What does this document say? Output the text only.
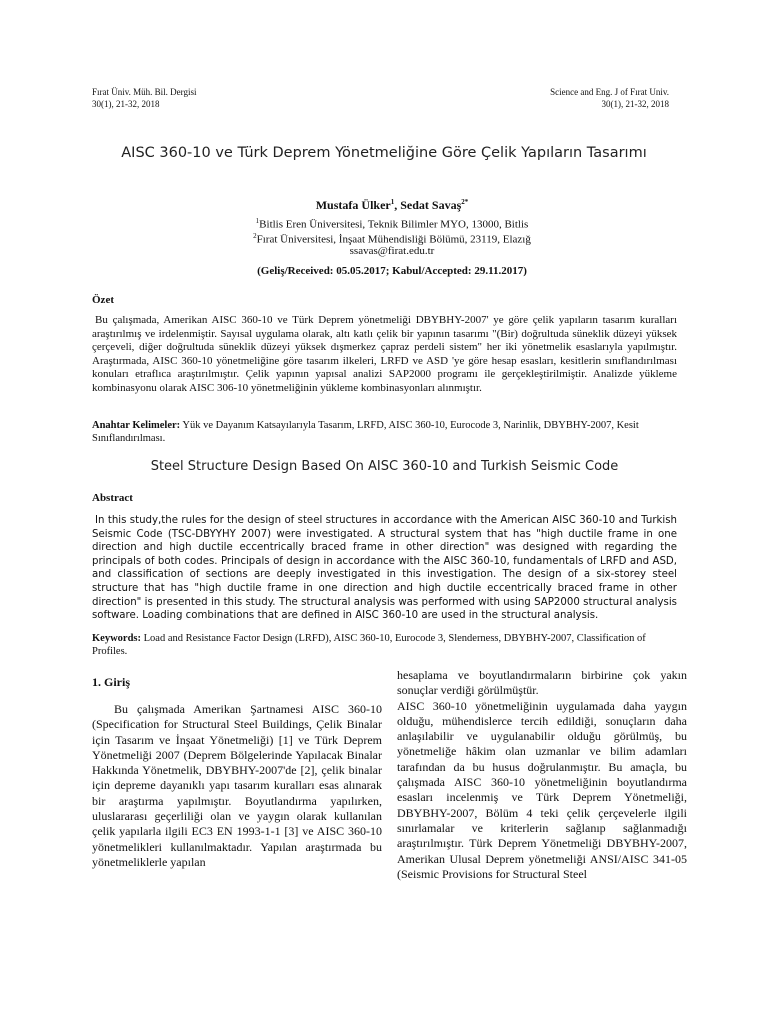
Fırat Üniv. Müh. Bil. Dergisi
30(1), 21-32, 2018
Science and Eng. J of Fırat Univ.
30(1), 21-32, 2018
AISC 360-10 ve Türk Deprem Yönetmeliğine Göre Çelik Yapıların Tasarımı
Mustafa Ülker$^1$, Sedat Savaş$^{2*}$
$^1$Bitlis Eren Üniversitesi, Teknik Bilimler MYO, 13000, Bitlis
$^2$Fırat Üniversitesi, İnşaat Mühendisliği Bölümü, 23119, Elazığ
ssavas@firat.edu.tr
(Geliş/Received: 05.05.2017; Kabul/Accepted: 29.11.2017)
Özet
Bu çalışmada, Amerikan AISC 360-10 ve Türk Deprem yönetmeliği DBYBHY-2007' ye göre çelik yapıların tasarım kuralları araştırılmış ve irdelenmiştir. Sayısal uygulama olarak, altı katlı çelik bir yapının tasarımı "(Bir) doğrultuda süneklik düzeyi yüksek çerçeveli, diğer doğrultuda süneklik düzeyi yüksek dışmerkez çapraz perdeli sistem" her iki yönetmelik esaslarıyla yapılmıştır. Araştırmada, AISC 360-10 yönetmeliğine göre tasarım ilkeleri, LRFD ve ASD 'ye göre hesap esasları, kesitlerin sınıflandırılması konuları etraflıca araştırılmıştır. Çelik yapının yapısal analizi SAP2000 programı ile gerçekleştirilmiştir. Analizde yükleme kombinasyonu olarak AISC 306-10 yönetmeliğinin yükleme kombinasyonları alınmıştır.
Anahtar Kelimeler: Yük ve Dayanım Katsayılarıyla Tasarım, LRFD, AISC 360-10, Eurocode 3, Narinlik, DBYBHY-2007, Kesit Sınıflandırılması.
Steel Structure Design Based On AISC 360-10 and Turkish Seismic Code
Abstract
In this study,the rules for the design of steel structures in accordance with the American AISC 360-10 and Turkish Seismic Code (TSC-DBYYHY 2007) were investigated. A structural system that has "high ductile frame in one direction and high ductile eccentrically braced frame in other direction" was designed with regarding the principals of both codes. Principals of design in accordance with the AISC 360-10, fundamentals of LRFD and ASD, and classification of sections are deeply investigated in this investigation. The design of a six-storey steel structure that has "high ductile frame in one direction and high ductile eccentrically braced frame in other direction" is presented in this study. The structural analysis was performed with using SAP2000 structural analysis software. Loading combinations that are defined in AISC 360-10 are used in the structural analysis.
Keywords: Load and Resistance Factor Design (LRFD), AISC 360-10, Eurocode 3, Slenderness, DBYBHY-2007, Classification of Profiles.
1. Giriş

Bu çalışmada Amerikan Şartnamesi AISC 360-10 (Specification for Structural Steel Buildings, Çelik Binalar için Tasarım ve İnşaat Yönetmeliği) [1] ve Türk Deprem Yönetmeliği 2007 (Deprem Bölgelerinde Yapılacak Binalar Hakkında Yönetmelik, DBYBHY-2007'de [2], çelik binalar için depreme dayanıklı yapı tasarım kuralları esas alınarak bir araştırma yapılmıştır. Boyutlandırma yapılırken, uluslararası geçerliliği olan ve yaygın olarak kullanılan çelik yapılarla ilgili EC3 EN 1993-1-1 [3] ve AISC 360-10 yönetmelikleri kullanılmaktadır. Yapılan araştırmada bu yönetmeliklerle yapılan

hesaplama ve boyutlandırmaların birbirine çok yakın sonuçlar verdiği görülmüştür.

AISC 360-10 yönetmeliğinin uygulamada daha yaygın olduğu, mühendislerce tercih edildiği, sonuçların daha anlaşılabilir ve uygulanabilir olduğu görülmüş, bu yönetmeliğe hâkim olan uzmanlar ve bilim adamları tarafından da bu husus doğrulanmıştır. Bu amaçla, bu çalışmada AISC 360-10 yönetmeliğinin boyutlandırma esasları incelenmiş ve Türk Deprem Yönetmeliği, DBYBHY-2007, Bölüm 4 teki çelik çerçevelerle ilgili sınırlamalar ve kriterlerin sağlanıp sağlanmadığı araştırılmıştır. Türk Deprem Yönetmeliği DBYBHY-2007, Amerikan Ulusal Deprem yönetmeliği ANSI/AISC 341-05 (Seismic Provisions for Structural Steel
